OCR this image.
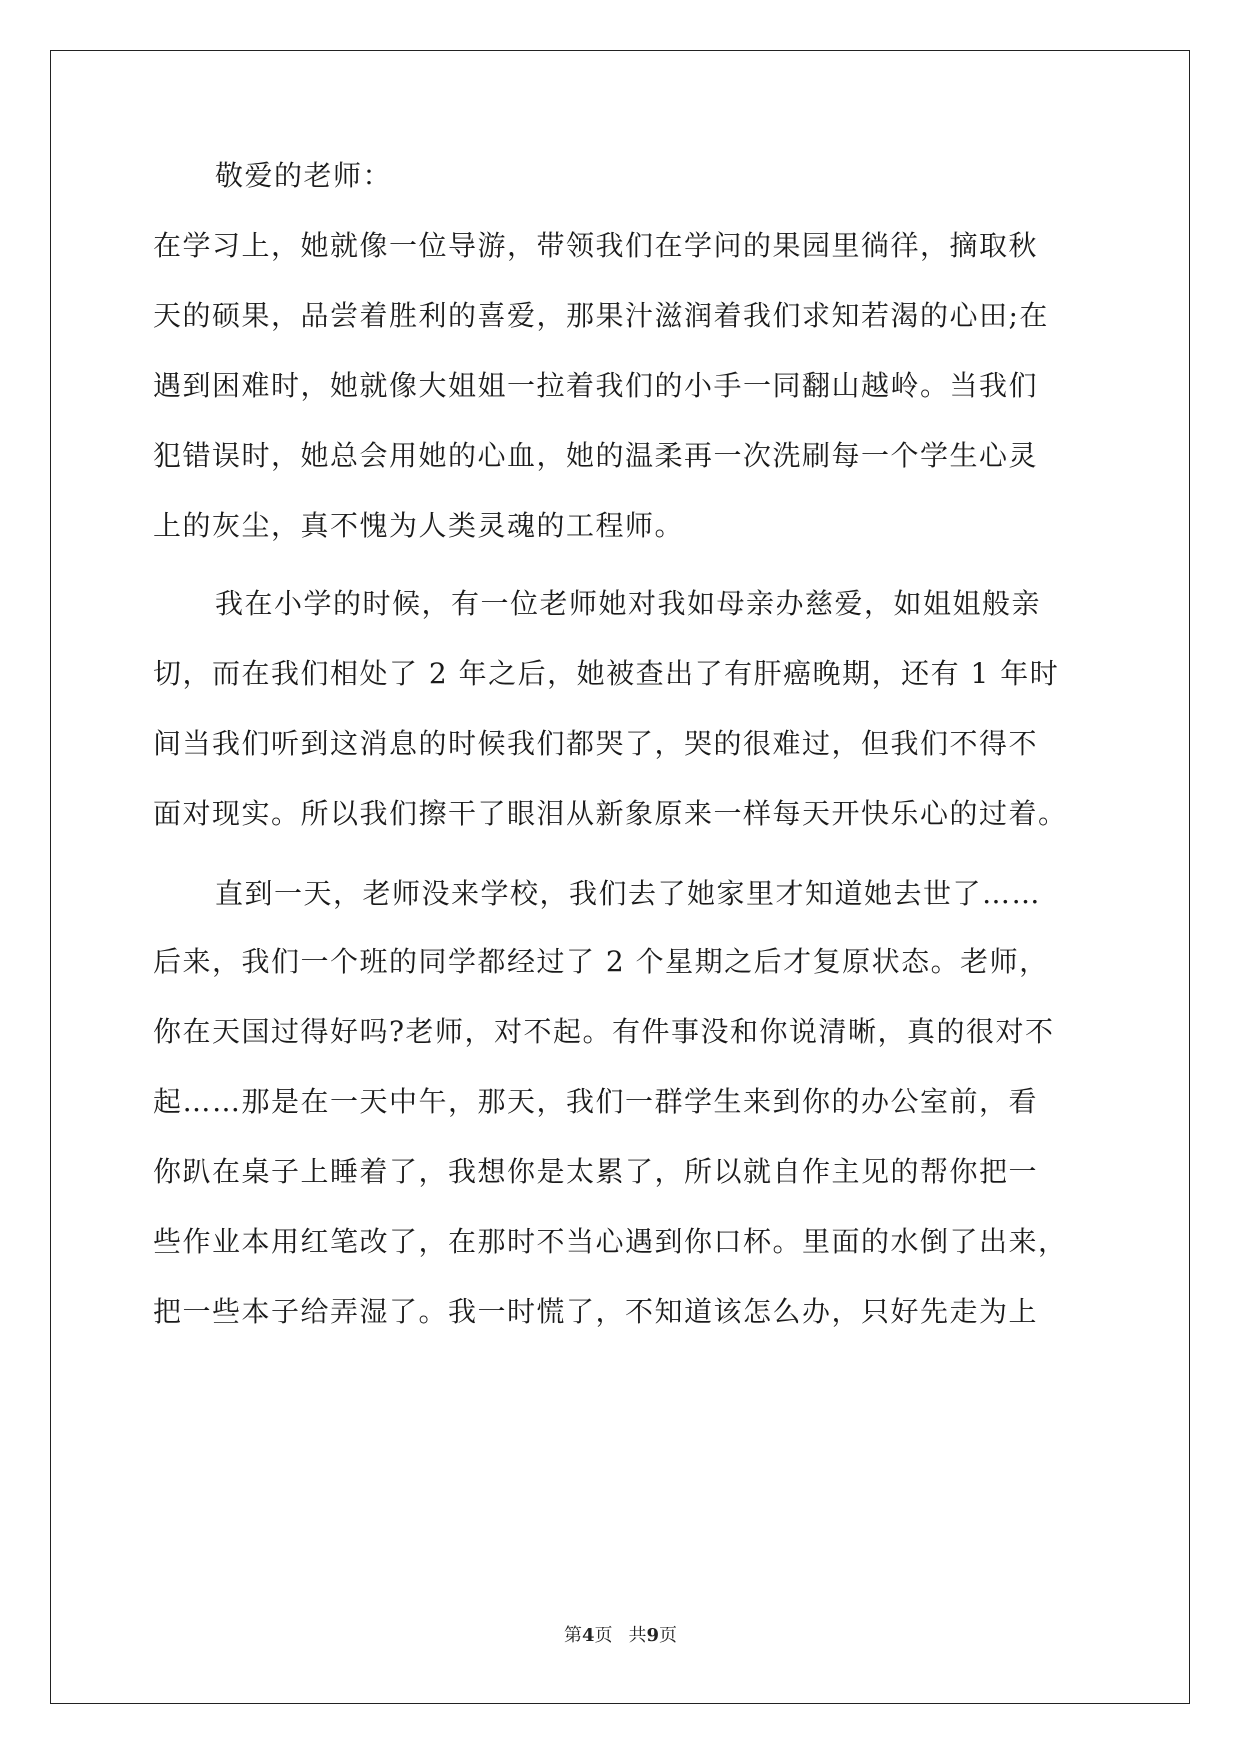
敬爱的老师：
在学习上，她就像一位导游，带领我们在学问的果园里徜徉，摘取秋
天的硕果，品尝着胜利的喜爱，那果汁滋润着我们求知若渴的心田;在
遇到困难时，她就像大姐姐一拉着我们的小手一同翻山越岭。当我们
犯错误时，她总会用她的心血，她的温柔再一次洗刷每一个学生心灵
上的灰尘，真不愧为人类灵魂的工程师。
我在小学的时候，有一位老师她对我如母亲办慈爱，如姐姐般亲
切，而在我们相处了 2 年之后，她被查出了有肝癌晚期，还有 1 年时
间当我们听到这消息的时候我们都哭了，哭的很难过，但我们不得不
面对现实。所以我们擦干了眼泪从新象原来一样每天开快乐心的过着。
直到一天，老师没来学校，我们去了她家里才知道她去世了……
后来，我们一个班的同学都经过了 2 个星期之后才复原状态。老师，
你在天国过得好吗?老师，对不起。有件事没和你说清晰，真的很对不
起……那是在一天中午，那天，我们一群学生来到你的办公室前，看
你趴在桌子上睡着了，我想你是太累了，所以就自作主见的帮你把一
些作业本用红笔改了，在那时不当心遇到你口杯。里面的水倒了出来，
把一些本子给弄湿了。我一时慌了，不知道该怎么办，只好先走为上
第4页 共9页
